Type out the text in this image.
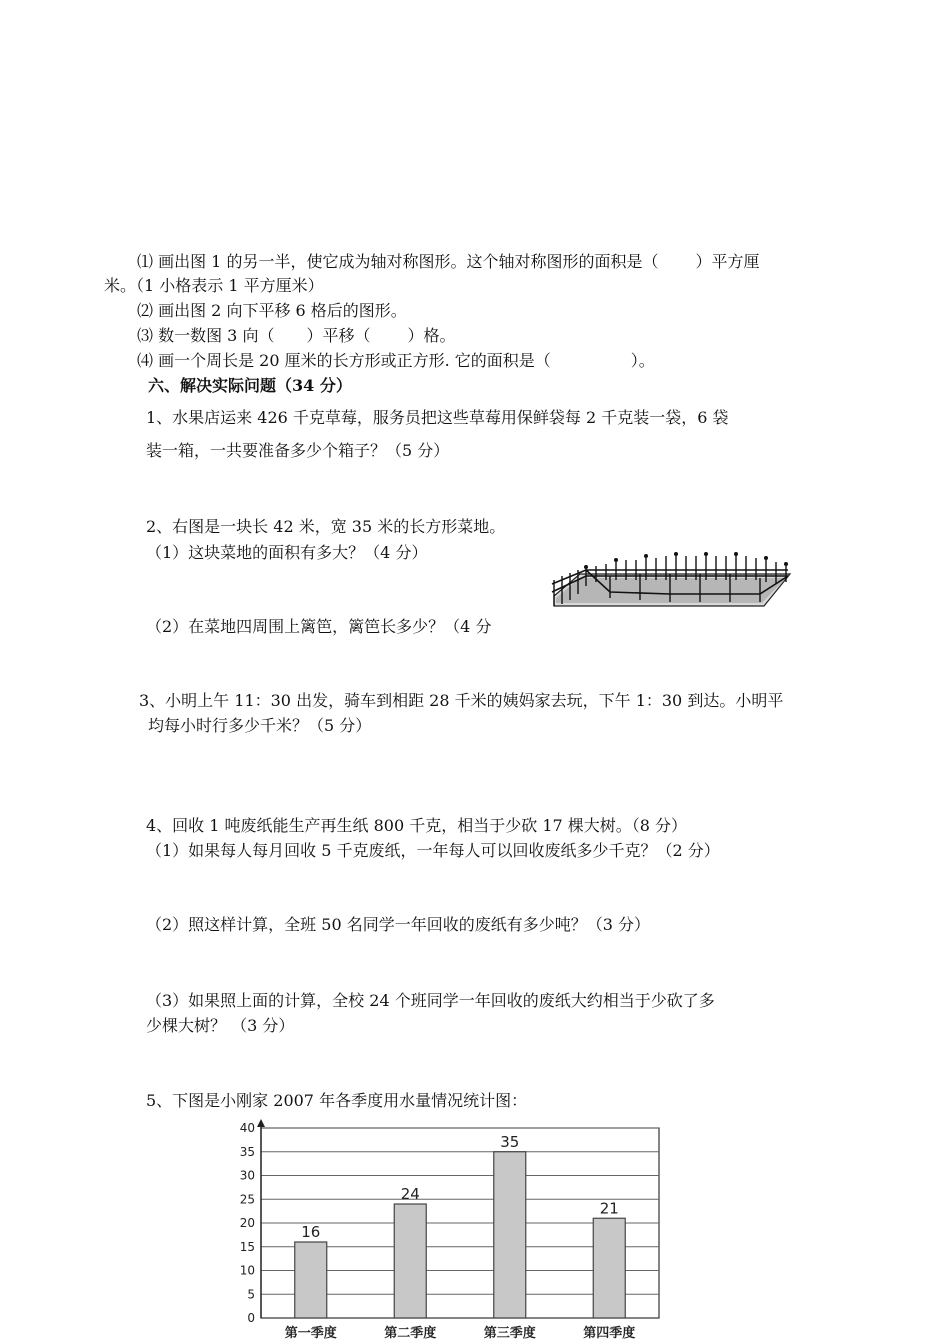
⑴ 画出图 1 的另一半，使它成为轴对称图形。这个轴对称图形的面积是（　　 ）平方厘
米。（1 小格表示 1 平方厘米）
⑵ 画出图 2 向下平移 6 格后的图形。
⑶ 数一数图 3 向（　　）平移（　　 ）格。
⑷ 画一个周长是 20 厘米的长方形或正方形. 它的面积是（　　　　　）。
六、解决实际问题（34 分）
1、水果店运来 426 千克草莓，服务员把这些草莓用保鲜袋每 2 千克装一袋，6 袋
装一箱，一共要准备多少个箱子？（5 分）
2、右图是一块长 42 米，宽 35 米的长方形菜地。
（1）这块菜地的面积有多大？（4 分）
（2）在菜地四周围上篱笆，篱笆长多少？（4 分
3、小明上午 11：30 出发，骑车到相距 28 千米的姨妈家去玩，下午 1：30 到达。小明平
均每小时行多少千米？（5 分）
4、回收 1 吨废纸能生产再生纸 800 千克，相当于少砍 17 棵大树。（8 分）
（1）如果每人每月回收 5 千克废纸，一年每人可以回收废纸多少千克？（2 分）
（2）照这样计算，全班 50 名同学一年回收的废纸有多少吨？（3 分）
（3）如果照上面的计算，全校 24 个班同学一年回收的废纸大约相当于少砍了多
少棵大树？ （3 分）
5、下图是小刚家 2007 年各季度用水量情况统计图：
0
5
10
15
20
25
30
35
40
16
第一季度
24
第二季度
35
第三季度
21
第四季度
